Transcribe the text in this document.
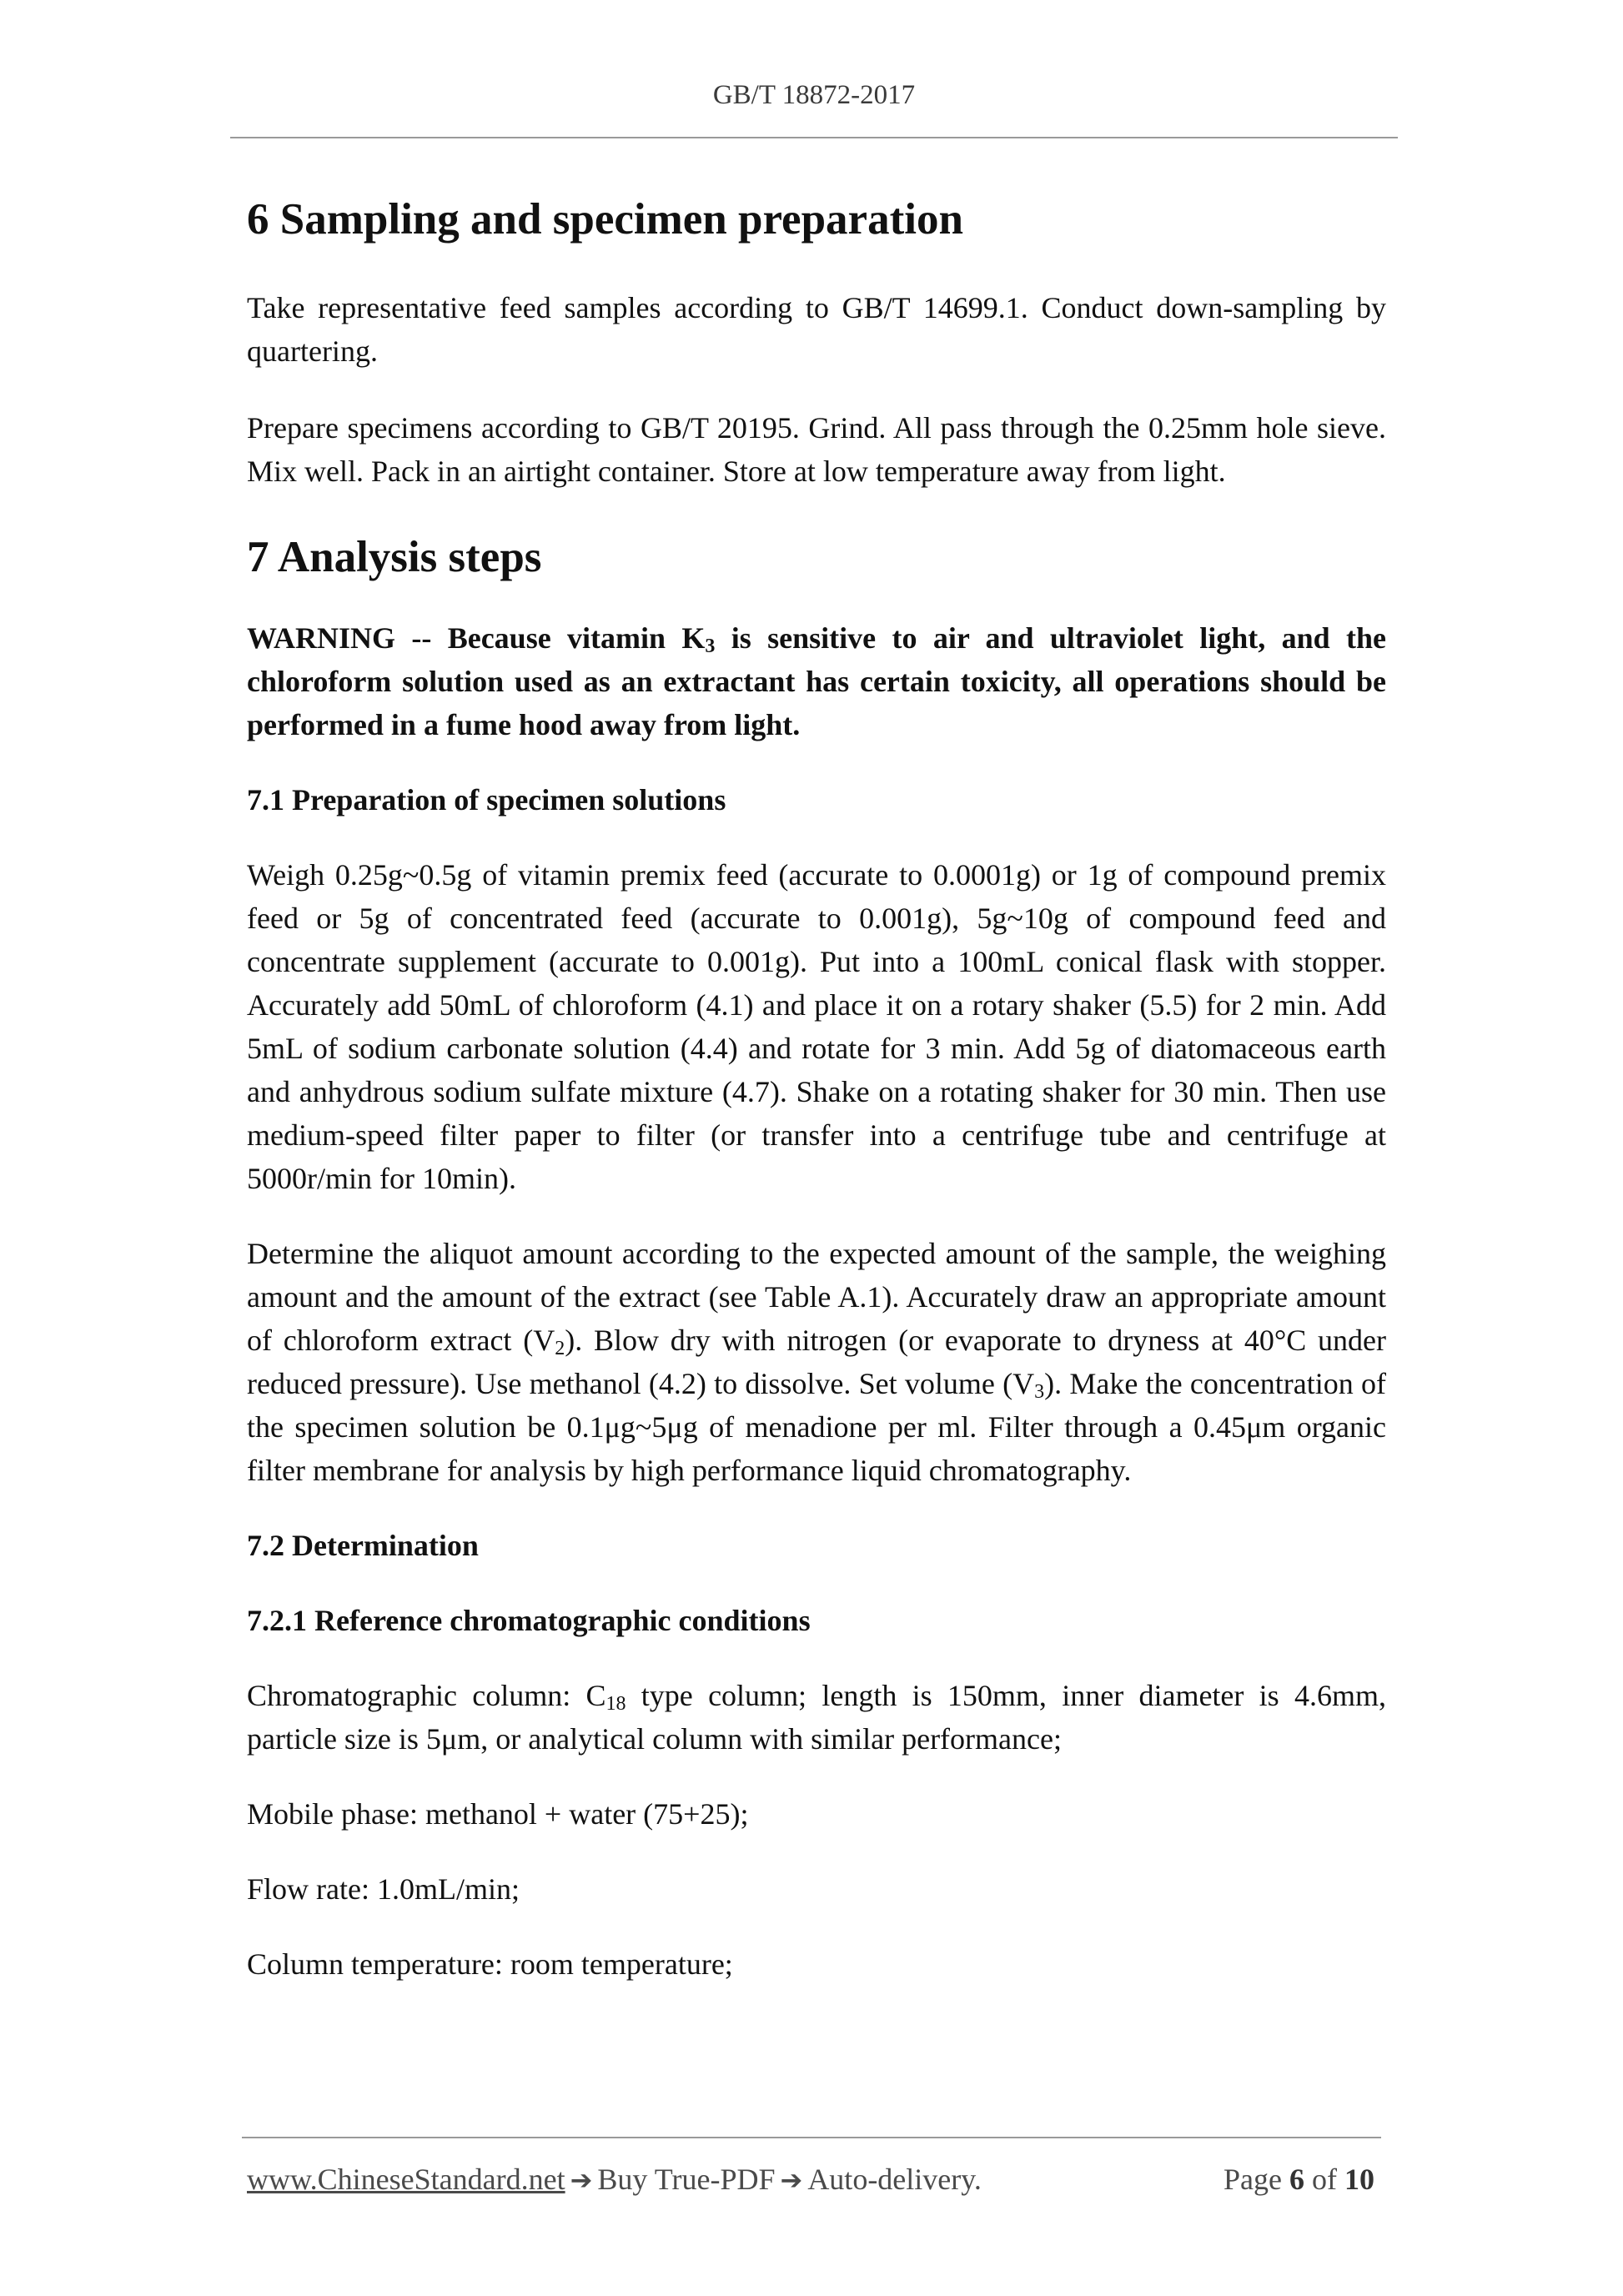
GB/T 18872-2017
6 Sampling and specimen preparation

Take representative feed samples according to GB/T 14699.1. Conduct down-sampling by quartering.

Prepare specimens according to GB/T 20195. Grind. All pass through the 0.25mm hole sieve. Mix well. Pack in an airtight container. Store at low temperature away from light.

7 Analysis steps

WARNING -- Because vitamin $K_3$ is sensitive to air and ultraviolet light, and the chloroform solution used as an extractant has certain toxicity, all operations should be performed in a fume hood away from light.

7.1 Preparation of specimen solutions

Weigh 0.25g~0.5g of vitamin premix feed (accurate to 0.0001g) or 1g of compound premix feed or 5g of concentrated feed (accurate to 0.001g), 5g~10g of compound feed and concentrate supplement (accurate to 0.001g). Put into a 100mL conical flask with stopper. Accurately add 50mL of chloroform (4.1) and place it on a rotary shaker (5.5) for 2 min. Add 5mL of sodium carbonate solution (4.4) and rotate for 3 min. Add 5g of diatomaceous earth and anhydrous sodium sulfate mixture (4.7). Shake on a rotating shaker for 30 min. Then use medium-speed filter paper to filter (or transfer into a centrifuge tube and centrifuge at 5000r/min for 10min).

Determine the aliquot amount according to the expected amount of the sample, the weighing amount and the amount of the extract (see Table A.1). Accurately draw an appropriate amount of chloroform extract $(V_2)$. Blow dry with nitrogen (or evaporate to dryness at 40°C under reduced pressure). Use methanol (4.2) to dissolve. Set volume $(V_3)$. Make the concentration of the specimen solution be 0.1μg~5μg of menadione per ml. Filter through a 0.45μm organic filter membrane for analysis by high performance liquid chromatography.

7.2 Determination
7.2.1 Reference chromatographic conditions

Chromatographic column: $C_{18}$ type column; length is 150mm, inner diameter is 4.6mm, particle size is 5μm, or analytical column with similar performance;

Mobile phase: methanol + water (75+25);

Flow rate: 1.0mL/min;

Column temperature: room temperature;

www.ChineseStandard.net ➔ Buy True-PDF ➔ Auto-delivery.	Page 6 of 10
